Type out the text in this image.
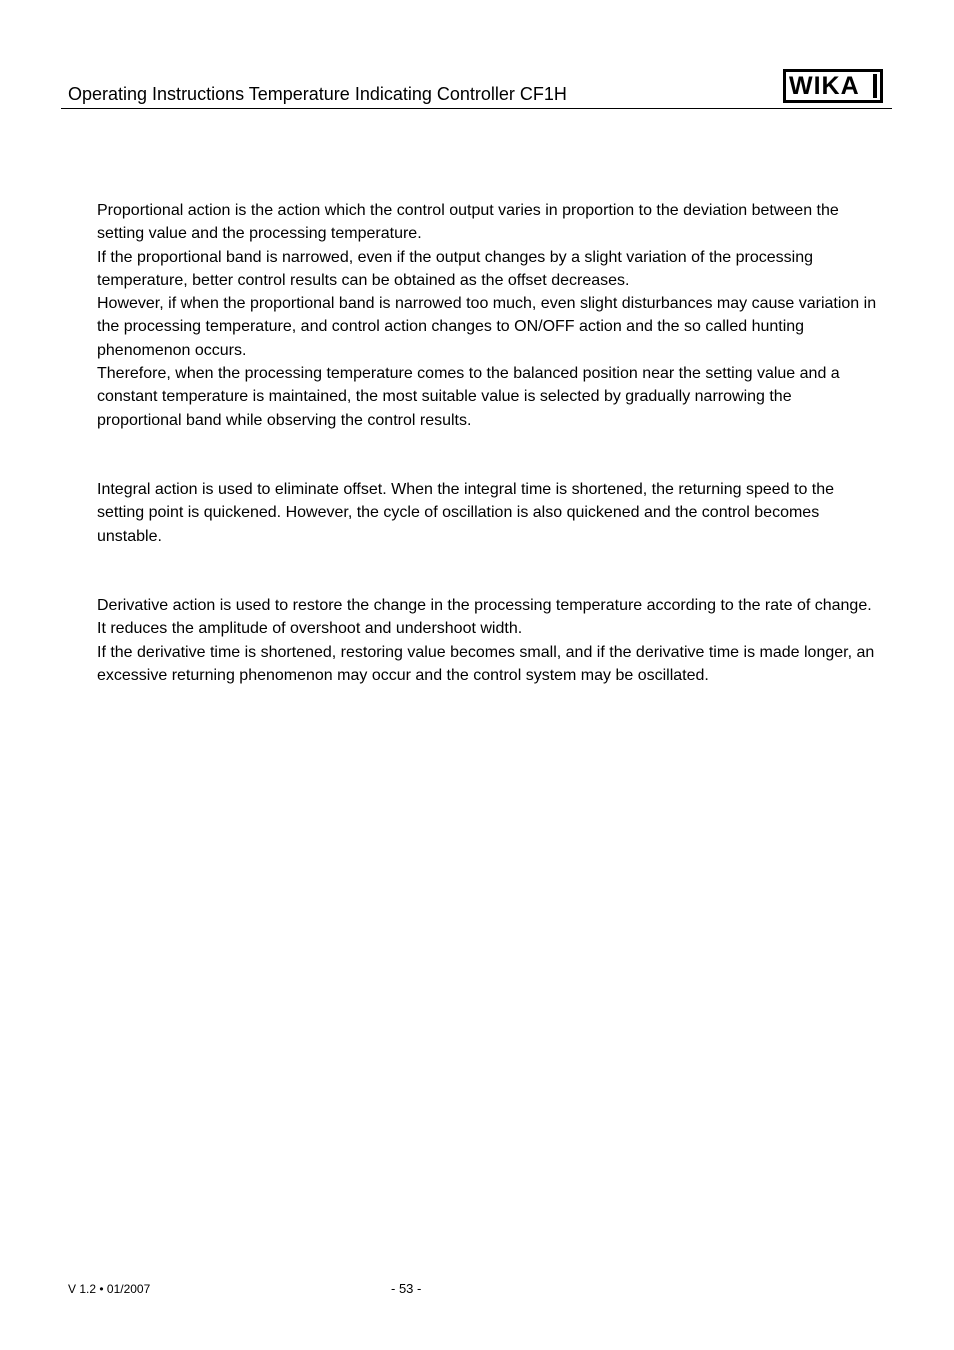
Operating Instructions Temperature Indicating Controller CF1H	WIKA

Proportional action is the action which the control output varies in proportion to the deviation between the setting value and the processing temperature.

If the proportional band is narrowed, even if the output changes by a slight variation of the processing temperature, better control results can be obtained as the offset decreases.

However, if when the proportional band is narrowed too much, even slight disturbances may cause variation in the processing temperature, and control action changes to ON/OFF action and the so called hunting phenomenon occurs.

Therefore, when the processing temperature comes to the balanced position near the setting value and a constant temperature is maintained, the most suitable value is selected by gradually narrowing the proportional band while observing the control results.

Integral action is used to eliminate offset. When the integral time is shortened, the returning speed to the setting point is quickened. However, the cycle of oscillation is also quickened and the control becomes unstable.

Derivative action is used to restore the change in the processing temperature according to the rate of change. It reduces the amplitude of overshoot and undershoot width.

If the derivative time is shortened, restoring value becomes small, and if the derivative time is made longer, an excessive returning phenomenon may occur and the control system may be oscillated.

V 1.2 • 01/2007	- 53 -
